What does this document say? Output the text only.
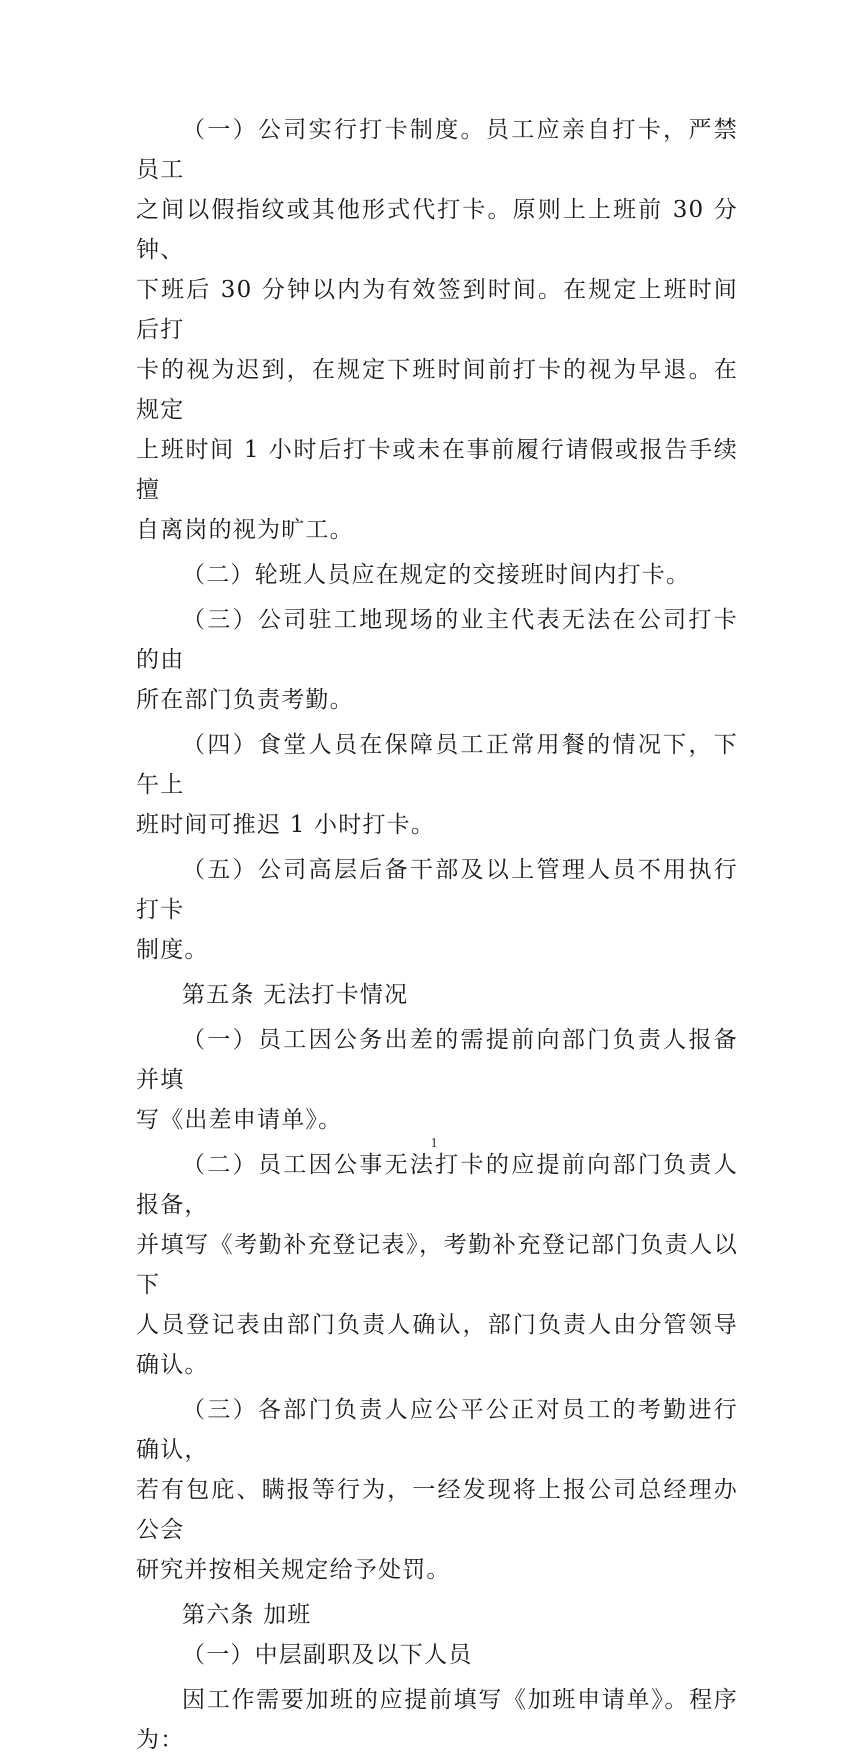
（一）公司实行打卡制度。员工应亲自打卡，严禁员工
之间以假指纹或其他形式代打卡。原则上上班前 30 分钟、
下班后 30 分钟以内为有效签到时间。在规定上班时间后打
卡的视为迟到，在规定下班时间前打卡的视为早退。在规定
上班时间 1 小时后打卡或未在事前履行请假或报告手续擅
自离岗的视为旷工。

（二）轮班人员应在规定的交接班时间内打卡。

（三）公司驻工地现场的业主代表无法在公司打卡的由
所在部门负责考勤。

（四）食堂人员在保障员工正常用餐的情况下，下午上
班时间可推迟 1 小时打卡。

（五）公司高层后备干部及以上管理人员不用执行打卡
制度。

第五条 无法打卡情况

（一）员工因公务出差的需提前向部门负责人报备并填
写《出差申请单》。

（二）员工因公事无法打卡的应提前向部门负责人报备，
并填写《考勤补充登记表》，考勤补充登记部门负责人以下
人员登记表由部门负责人确认，部门负责人由分管领导确认。

（三）各部门负责人应公平公正对员工的考勤进行确认，
若有包庇、瞒报等行为，一经发现将上报公司总经理办公会
研究并按相关规定给予处罚。

第六条 加班

（一）中层副职及以下人员

因工作需要加班的应提前填写《加班申请单》。程序为：

1
